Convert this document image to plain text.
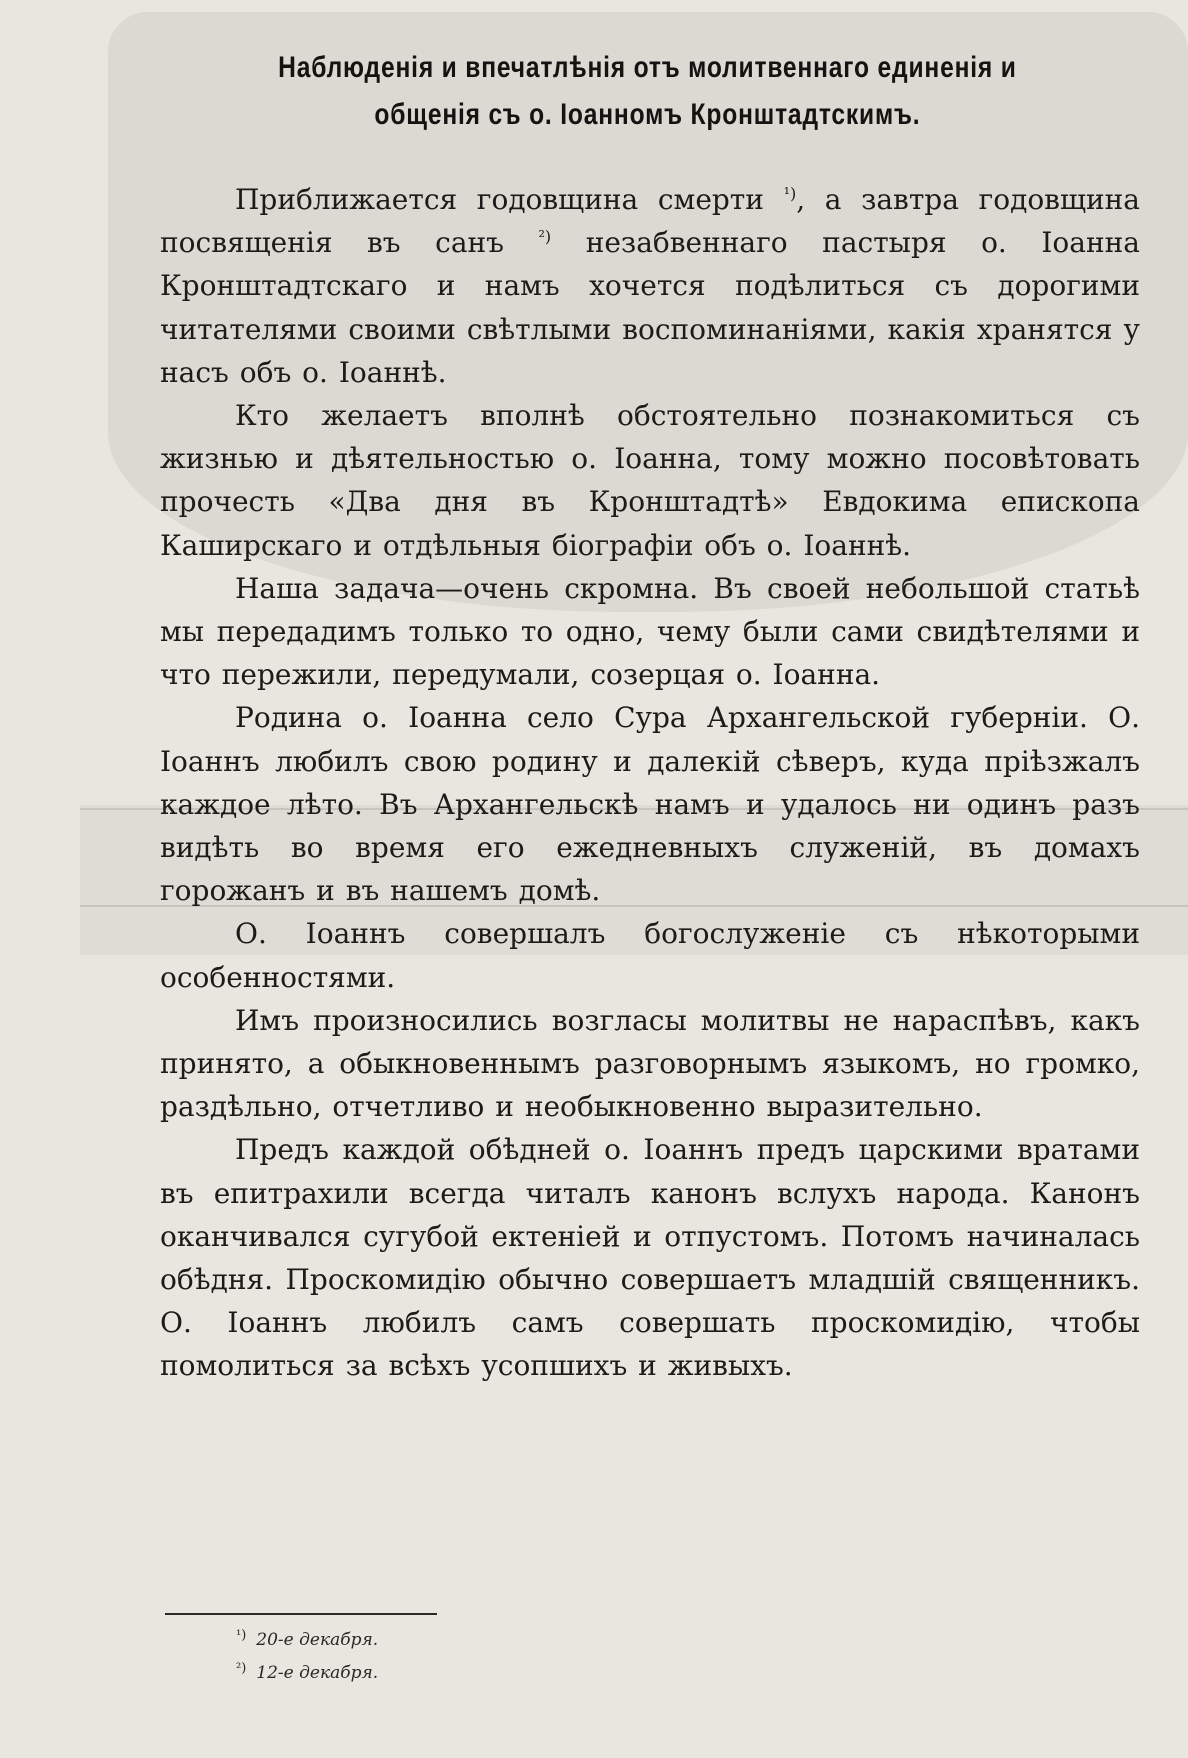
Наблюденія и впечатлѣнія отъ молитвеннаго единенія и общенія съ о. Іоанномъ Кронштадтскимъ.

Приближается годовщина смерти $^{^1)}$, а завтра годовщина посвященія въ санъ $^{^2)}$ незабвеннаго пастыря о. Іоанна Кронштадтскаго и намъ хочется подѣлиться съ дорогими читателями своими свѣтлыми воспоминаніями, какія хранятся у насъ объ о. Іоаннѣ.

Кто желаетъ вполнѣ обстоятельно познакомиться съ жизнью и дѣятельностью о. Іоанна, тому можно посовѣтовать прочесть «Два дня въ Кронштадтѣ» Евдокима епископа Каширскаго и отдѣльныя біографіи объ о. Іоаннѣ.

Наша задача—очень скромна. Въ своей небольшой статьѣ мы передадимъ только то одно, чему были сами свидѣтелями и что пережили, передумали, созерцая о. Іоанна.

Родина о. Іоанна село Сура Архангельской губерніи. О. Іоаннъ любилъ свою родину и далекій сѣверъ, куда пріѣзжалъ каждое лѣто. Въ Архангельскѣ намъ и удалось ни одинъ разъ видѣть во время его ежедневныхъ служеній, въ домахъ горожанъ и въ нашемъ домѣ.

О. Іоаннъ совершалъ богослуженіе съ нѣкоторыми особенностями.

Имъ произносились возгласы молитвы не нараспѣвъ, какъ принято, а обыкновеннымъ разговорнымъ языкомъ, но громко, раздѣльно, отчетливо и необыкновенно выразительно.

Предъ каждой обѣдней о. Іоаннъ предъ царскими вратами въ епитрахили всегда читалъ канонъ вслухъ народа. Канонъ оканчивался сугубой ектеніей и отпустомъ. Потомъ начиналась обѣдня. Проскомидію обычно совершаетъ младшій священникъ. О. Іоаннъ любилъ самъ совершать проскомидію, чтобы помолиться за всѣхъ усопшихъ и живыхъ.

$^{^1)}$ 20-е декабря.
$^{^2)}$ 12-е декабря.
